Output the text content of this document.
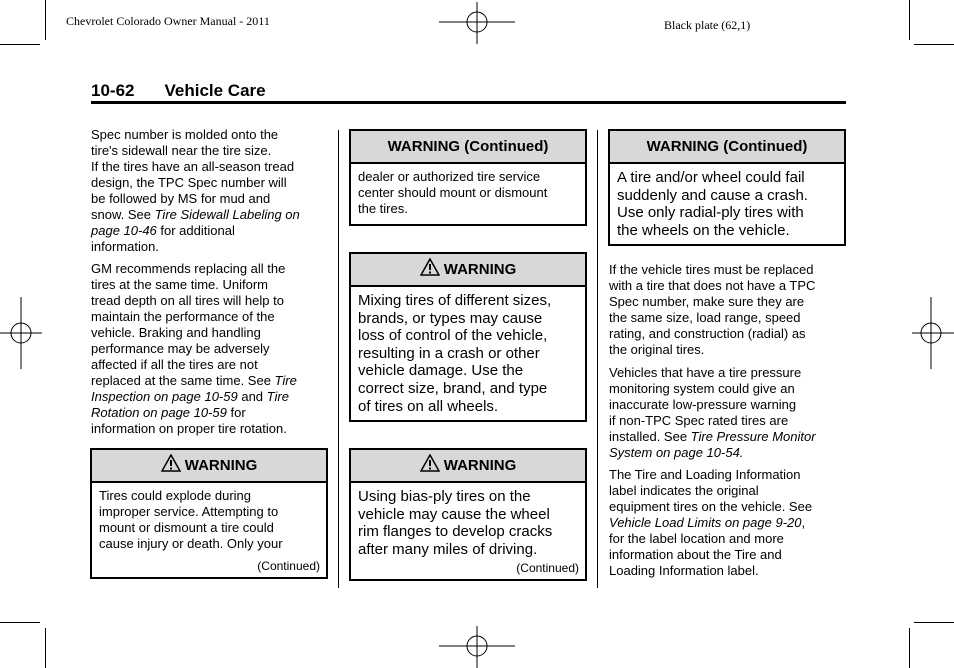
Chevrolet Colorado Owner Manual - 2011	Black plate (62,1)
10-62 Vehicle Care
Spec number is molded onto the
tire's sidewall near the tire size.
If the tires have an all-season tread
design, the TPC Spec number will
be followed by MS for mud and
snow. See Tire Sidewall Labeling on
page 10-46 for additional
information.
GM recommends replacing all the
tires at the same time. Uniform
tread depth on all tires will help to
maintain the performance of the
vehicle. Braking and handling
performance may be adversely
affected if all the tires are not
replaced at the same time. See Tire
Inspection on page 10-59 and Tire
Rotation on page 10-59 for
information on proper tire rotation.
WARNING
Tires could explode during
improper service. Attempting to
mount or dismount a tire could
cause injury or death. Only your
(Continued)
WARNING (Continued)
dealer or authorized tire service
center should mount or dismount
the tires.
WARNING
Mixing tires of different sizes,
brands, or types may cause
loss of control of the vehicle,
resulting in a crash or other
vehicle damage. Use the
correct size, brand, and type
of tires on all wheels.
WARNING
Using bias-ply tires on the
vehicle may cause the wheel
rim flanges to develop cracks
after many miles of driving.
(Continued)
WARNING (Continued)
A tire and/or wheel could fail
suddenly and cause a crash.
Use only radial-ply tires with
the wheels on the vehicle.
If the vehicle tires must be replaced
with a tire that does not have a TPC
Spec number, make sure they are
the same size, load range, speed
rating, and construction (radial) as
the original tires.
Vehicles that have a tire pressure
monitoring system could give an
inaccurate low-pressure warning
if non-TPC Spec rated tires are
installed. See Tire Pressure Monitor
System on page 10-54.
The Tire and Loading Information
label indicates the original
equipment tires on the vehicle. See
Vehicle Load Limits on page 9-20,
for the label location and more
information about the Tire and
Loading Information label.
